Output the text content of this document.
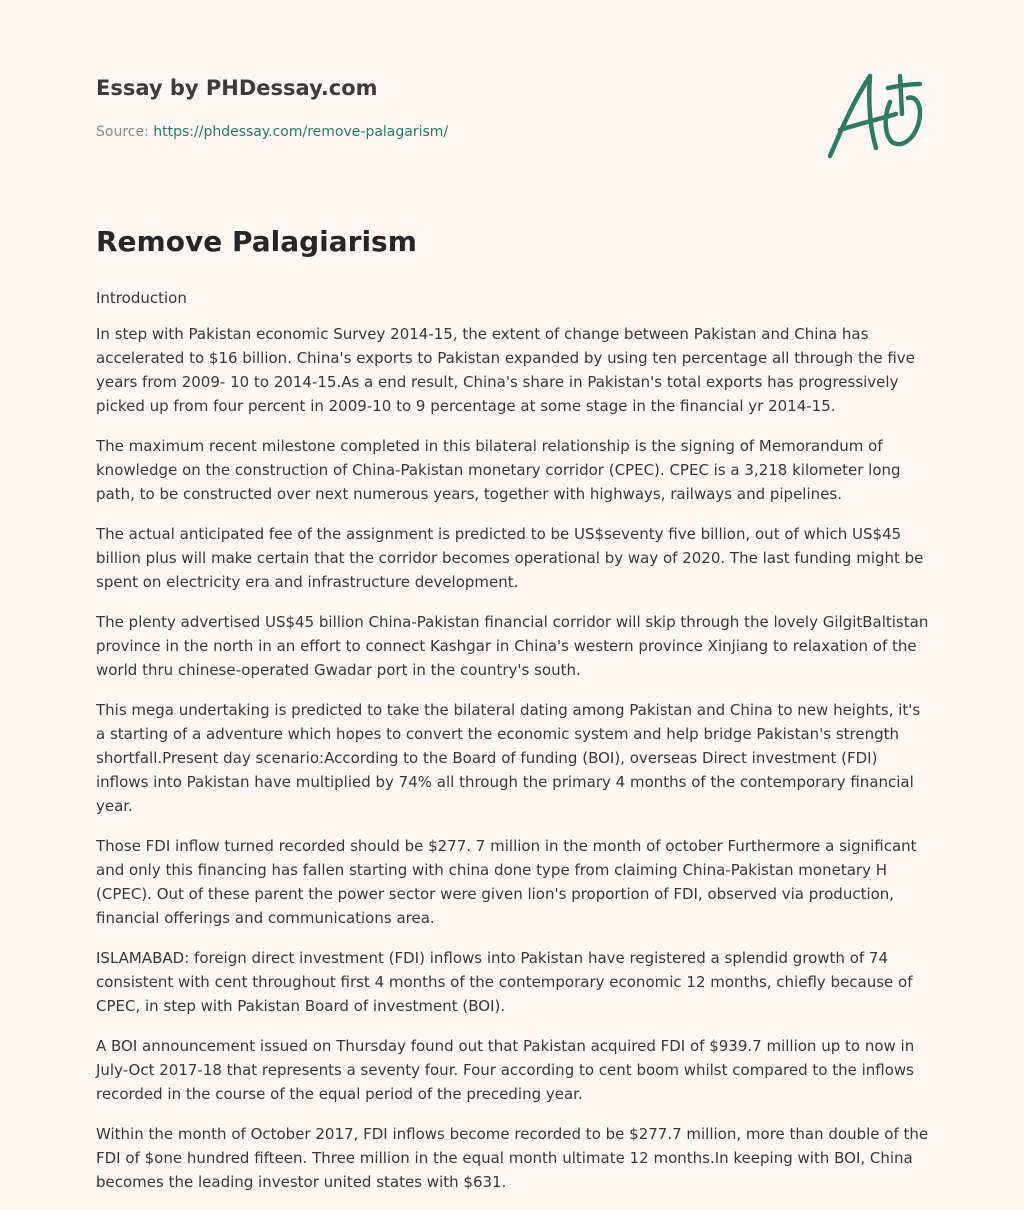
Essay by PHDessay.com
Source: https://phdessay.com/remove-palagarism/
Remove Palagiarism

Introduction

In step with Pakistan economic Survey 2014-15, the extent of change between Pakistan and China has accelerated to $16 billion. China's exports to Pakistan expanded by using ten percentage all through the five years from 2009- 10 to 2014-15.As a end result, China's share in Pakistan's total exports has progressively picked up from four percent in 2009-10 to 9 percentage at some stage in the financial yr 2014-15.

The maximum recent milestone completed in this bilateral relationship is the signing of Memorandum of knowledge on the construction of China-Pakistan monetary corridor (CPEC). CPEC is a 3,218 kilometer long path, to be constructed over next numerous years, together with highways, railways and pipelines.

The actual anticipated fee of the assignment is predicted to be US$seventy five billion, out of which US$45 billion plus will make certain that the corridor becomes operational by way of 2020. The last funding might be spent on electricity era and infrastructure development.

The plenty advertised US$45 billion China-Pakistan financial corridor will skip through the lovely GilgitBaltistan province in the north in an effort to connect Kashgar in China's western province Xinjiang to relaxation of the world thru chinese-operated Gwadar port in the country's south.

This mega undertaking is predicted to take the bilateral dating among Pakistan and China to new heights, it's a starting of a adventure which hopes to convert the economic system and help bridge Pakistan's strength shortfall.Present day scenario:According to the Board of funding (BOI), overseas Direct investment (FDI) inflows into Pakistan have multiplied by 74% all through the primary 4 months of the contemporary financial year.

Those FDI inflow turned recorded should be $277. 7 million in the month of october Furthermore a significant and only this financing has fallen starting with china done type from claiming China-Pakistan monetary H (CPEC). Out of these parent the power sector were given lion's proportion of FDI, observed via production, financial offerings and communications area.

ISLAMABAD: foreign direct investment (FDI) inflows into Pakistan have registered a splendid growth of 74 consistent with cent throughout first 4 months of the contemporary economic 12 months, chiefly because of CPEC, in step with Pakistan Board of investment (BOI).

A BOI announcement issued on Thursday found out that Pakistan acquired FDI of $939.7 million up to now in July-Oct 2017-18 that represents a seventy four. Four according to cent boom whilst compared to the inflows recorded in the course of the equal period of the preceding year.

Within the month of October 2017, FDI inflows become recorded to be $277.7 million, more than double of the FDI of $one hundred fifteen. Three million in the equal month ultimate 12 months.In keeping with BOI, China becomes the leading investor united states with $631.
